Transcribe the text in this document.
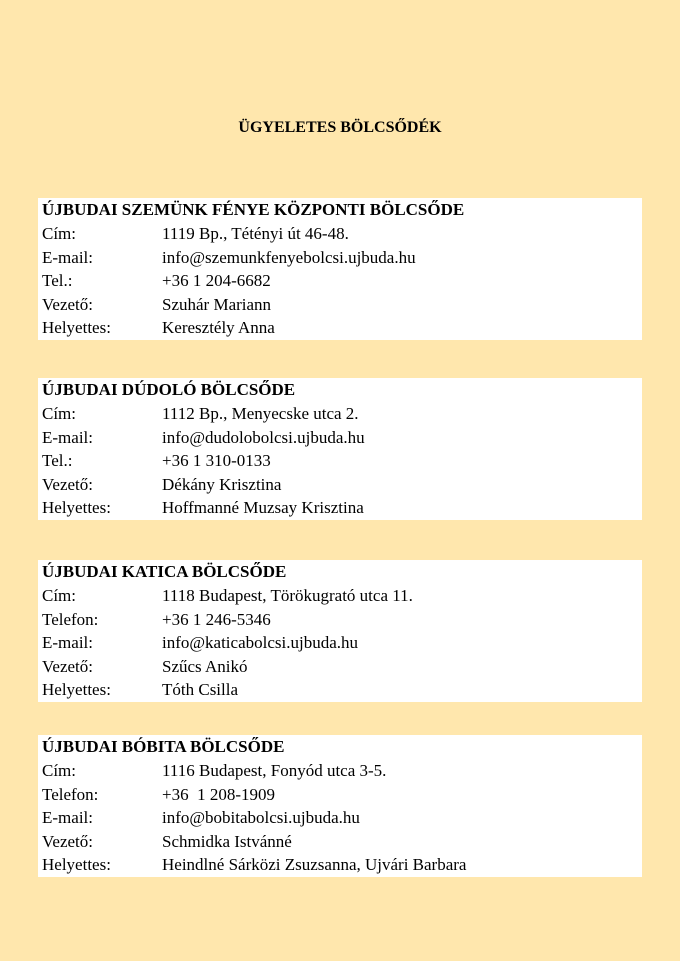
ÜGYELETES BÖLCSŐDÉK
ÚJBUDAI SZEMÜNK FÉNYE KÖZPONTI BÖLCSŐDE
Cím:	1119 Bp., Tétényi út 46-48.
E-mail:	info@szemunkfenyebolcsi.ujbuda.hu
Tel.:	+36 1 204-6682
Vezető:	Szuhár Mariann
Helyettes:	Keresztély Anna
ÚJBUDAI DÚDOLÓ BÖLCSŐDE
Cím:	1112 Bp., Menyecske utca 2.
E-mail:	info@dudolobolcsi.ujbuda.hu
Tel.:	+36 1 310-0133
Vezető:	Dékány Krisztina
Helyettes:	Hoffmanné Muzsay Krisztina
ÚJBUDAI KATICA BÖLCSŐDE
Cím:	1118 Budapest, Törökugrató utca 11.
Telefon:	+36 1 246-5346
E-mail:	info@katicabolcsi.ujbuda.hu
Vezető:	Szűcs Anikó
Helyettes:	Tóth Csilla
ÚJBUDAI BÓBITA BÖLCSŐDE
Cím:	1116 Budapest, Fonyód utca 3-5.
Telefon:	+36  1 208-1909
E-mail:	info@bobitabolcsi.ujbuda.hu
Vezető:	Schmidka Istvánné
Helyettes:	Heindlné Sárközi Zsuzsanna, Ujvári Barbara
